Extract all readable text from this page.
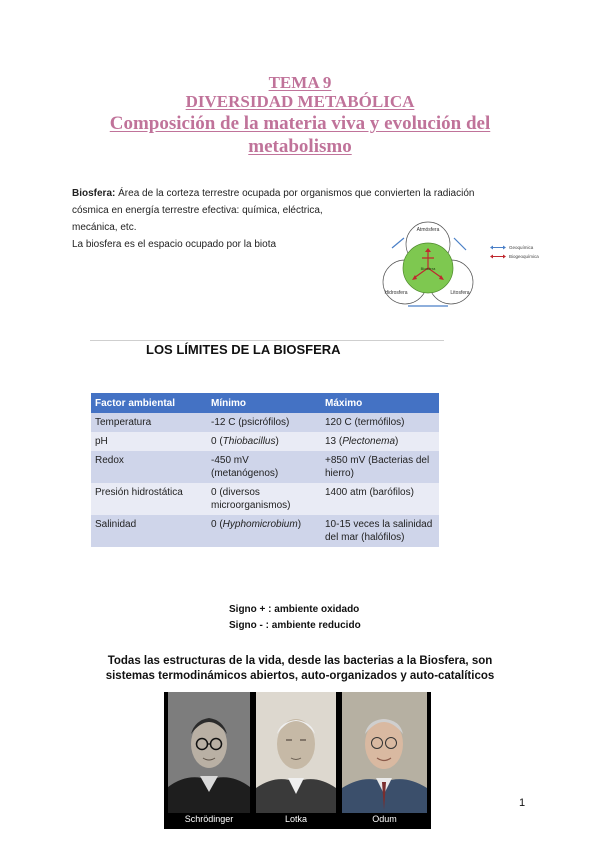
TEMA 9
DIVERSIDAD METABÓLICA
Composición de la materia viva y evolución del
metabolismo
Biosfera: Área de la corteza terrestre ocupada por organismos que convierten la radiación
cósmica en energía terrestre efectiva: química, eléctrica,
mecánica, etc.
La biosfera es el espacio ocupado por la biota
Atmósfera
Hidrosfera	Litosfera
Biosfera
Geoquímica
Biogeoquímica
LOS LÍMITES DE LA BIOSFERA
Factor ambiental	Mínimo	Máximo
Temperatura	-12 C (psicrófilos)	120 C (termófilos)
pH	0 (Thiobacillus)	13 (Plectonema)
Redox	-450 mV (metanógenos)	+850 mV (Bacterias del hierro)
Presión hidrostática	0 (diversos microorganismos)	1400 atm (barófilos)
Salinidad	0 (Hyphomicrobium)	10-15 veces la salinidad del mar (halófilos)
Signo + : ambiente oxidado
Signo - : ambiente reducido
Todas las estructuras de la vida, desde las bacterias a la Biosfera, son
sistemas termodinámicos abiertos, auto-organizados y auto-catalíticos
Schrödinger	Lotka	Odum
1
